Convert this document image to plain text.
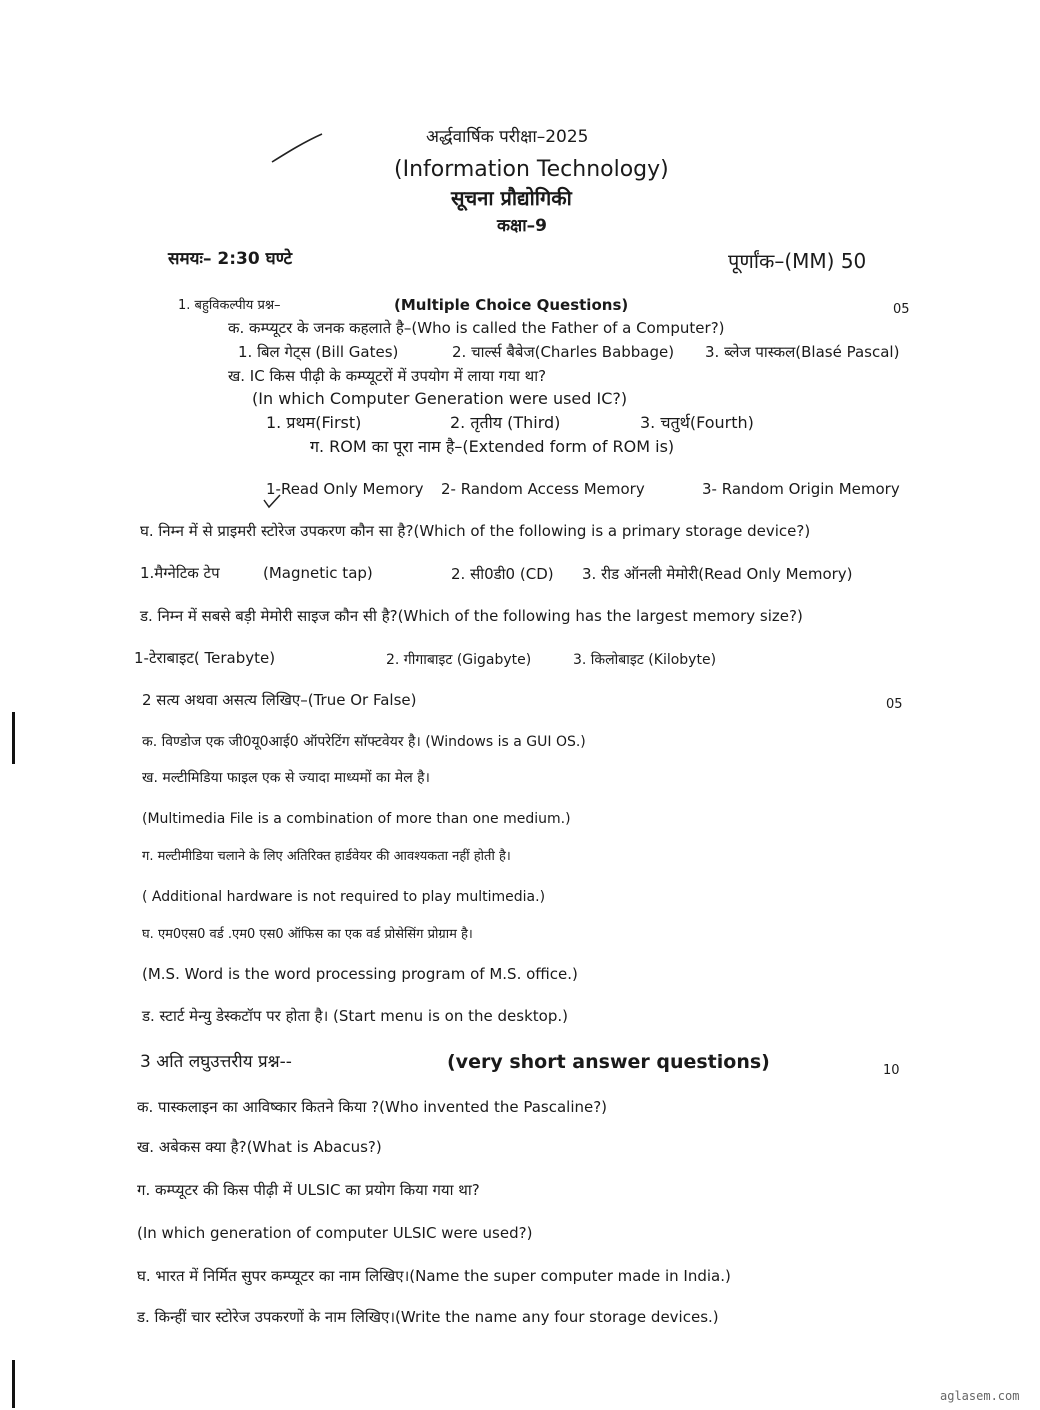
अर्द्धवार्षिक परीक्षा–2025
(Information Technology)
सूचना प्रौद्योगिकी
कक्षा–9
समयः– 2:30 घण्टे	पूर्णांक–(MM) 50
1. बहुविकल्पीय प्रश्न–	(Multiple Choice Questions)	05
क. कम्प्यूटर के जनक कहलाते है–(Who is called the Father of a Computer?)
1. बिल गेट्स (Bill Gates)	2. चार्ल्स बैबेज(Charles Babbage) 3. ब्लेज पास्कल(Blasé Pascal)
ख. IC किस पीढ़ी के कम्प्यूटरों में उपयोग में लाया गया था?
(In which Computer Generation were used IC?)
1. प्रथम(First)	2. तृतीय (Third)	3. चतुर्थ(Fourth)
ग. ROM का पूरा नाम है–(Extended form of ROM is)
1-Read Only Memory 2- Random Access Memory	3- Random Origin Memory
घ. निम्न में से प्राइमरी स्टोरेज उपकरण कौन सा है?(Which of the following is a primary storage device?)
1.मैग्नेटिक टेप	(Magnetic tap)	2. सी0डी0 (CD) 3. रीड ऑनली मेमोरी(Read Only Memory)
ड. निम्न में सबसे बड़ी मेमोरी साइज कौन सी है?(Which of the following has the largest memory size?)
1-टेराबाइट( Terabyte)	2. गीगाबाइट (Gigabyte)	3. किलोबाइट (Kilobyte)
2 सत्य अथवा असत्य लिखिए–(True Or False)	05
क. विण्डोज एक जी0यू0आई0 ऑपरेटिंग सॉफ्टवेयर है। (Windows is a GUI OS.)
ख. मल्टीमिडिया फाइल एक से ज्यादा माध्यमों का मेल है।
(Multimedia File is a combination of more than one medium.)
ग. मल्टीमीडिया चलाने के लिए अतिरिक्त हार्डवेयर की आवश्यकता नहीं होती है।
( Additional hardware is not required to play multimedia.)
घ. एम0एस0 वर्ड .एम0 एस0 ऑफिस का एक वर्ड प्रोसेसिंग प्रोग्राम है।
(M.S. Word is the word processing program of M.S. office.)
ड. स्टार्ट मेन्यु डेस्कटॉप पर होता है। (Start menu is on the desktop.)
3 अति लघुउत्तरीय प्रश्न--	(very short answer questions)	10
क. पास्कलाइन का आविष्कार कितने किया ?(Who invented the Pascaline?)
ख. अबेकस क्या है?(What is Abacus?)
ग. कम्प्यूटर की किस पीढ़ी में ULSIC का प्रयोग किया गया था?
(In which generation of computer ULSIC were used?)
घ. भारत में निर्मित सुपर कम्प्यूटर का नाम लिखिए।(Name the super computer made in India.)
ड. किन्हीं चार स्टोरेज उपकरणों के नाम लिखिए।(Write the name any four storage devices.)
aglasem.com
